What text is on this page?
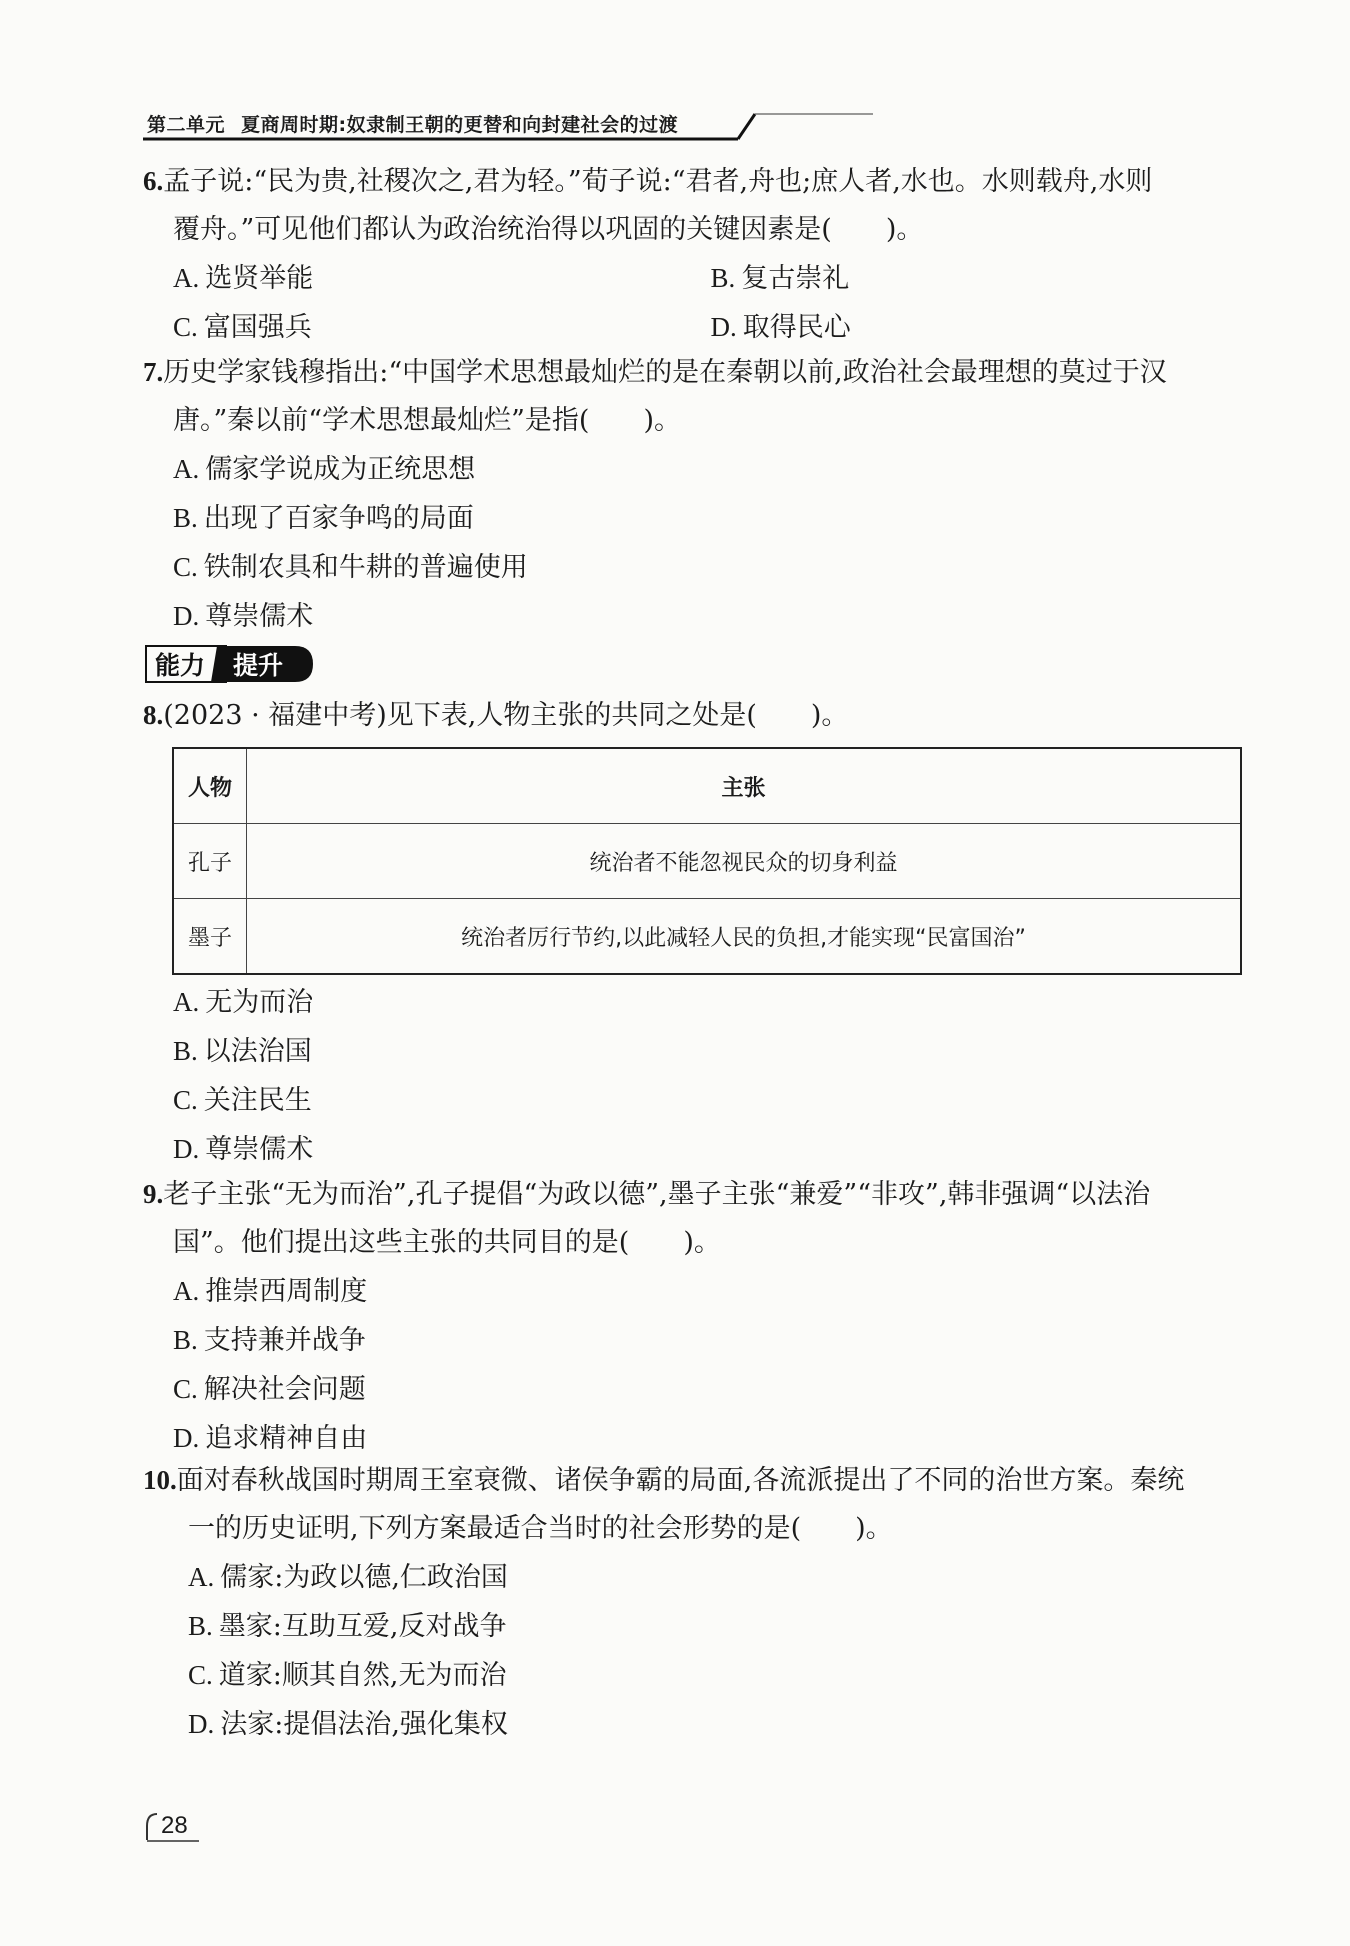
第二单元 夏商周时期:奴隶制王朝的更替和向封建社会的过渡
6.孟子说:“民为贵,社稷次之,君为轻。”荀子说:“君者,舟也;庶人者,水也。水则载舟,水则
覆舟。”可见他们都认为政治统治得以巩固的关键因素是(　　)。
A. 选贤举能	B. 复古崇礼
C. 富国强兵	D. 取得民心
7.历史学家钱穆指出:“中国学术思想最灿烂的是在秦朝以前,政治社会最理想的莫过于汉
唐。”秦以前“学术思想最灿烂”是指(　　)。
A. 儒家学说成为正统思想
B. 出现了百家争鸣的局面
C. 铁制农具和牛耕的普遍使用
D. 尊崇儒术
能力 提升
8.(2023 · 福建中考)见下表,人物主张的共同之处是(　　)。
人物	主张
孔子	统治者不能忽视民众的切身利益
墨子	统治者厉行节约,以此减轻人民的负担,才能实现“民富国治”
A. 无为而治
B. 以法治国
C. 关注民生
D. 尊崇儒术
9.老子主张“无为而治”,孔子提倡“为政以德”,墨子主张“兼爱”“非攻”,韩非强调“以法治
国”。他们提出这些主张的共同目的是(　　)。
A. 推崇西周制度
B. 支持兼并战争
C. 解决社会问题
D. 追求精神自由
10.面对春秋战国时期周王室衰微、诸侯争霸的局面,各流派提出了不同的治世方案。秦统
一的历史证明,下列方案最适合当时的社会形势的是(　　)。
A. 儒家:为政以德,仁政治国
B. 墨家:互助互爱,反对战争
C. 道家:顺其自然,无为而治
D. 法家:提倡法治,强化集权
28
